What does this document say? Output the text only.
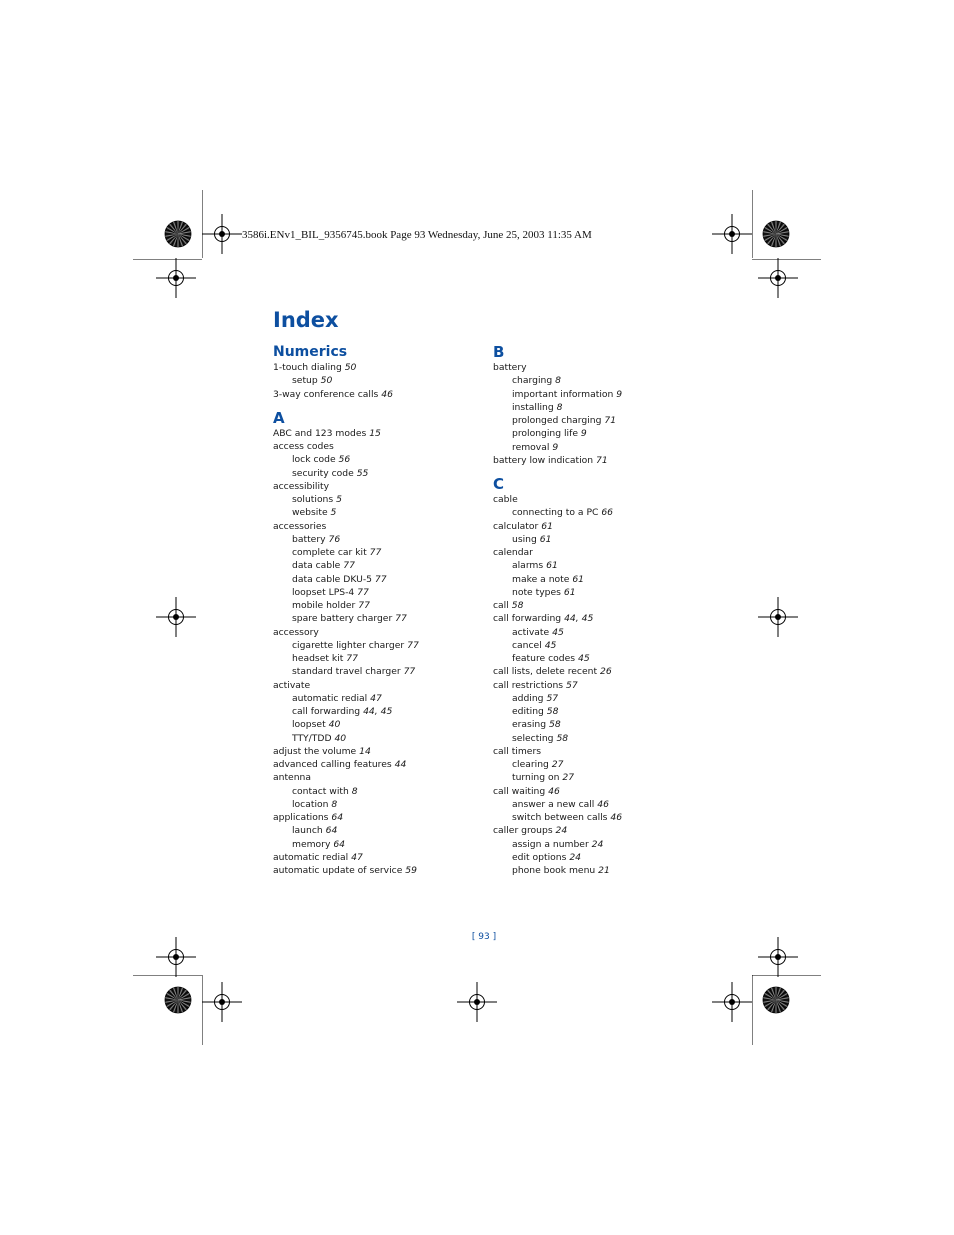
3586i.ENv1_BIL_9356745.book Page 93 Wednesday, June 25, 2003 11:35 AM
Index
Numerics
1-touch dialing 50
setup 50
3-way conference calls 46
A
ABC and 123 modes 15
access codes
lock code 56
security code 55
accessibility
solutions 5
website 5
accessories
battery 76
complete car kit 77
data cable 77
data cable DKU-5 77
loopset LPS-4 77
mobile holder 77
spare battery charger 77
accessory
cigarette lighter charger 77
headset kit 77
standard travel charger 77
activate
automatic redial 47
call forwarding 44, 45
loopset 40
TTY/TDD 40
adjust the volume 14
advanced calling features 44
antenna
contact with 8
location 8
applications 64
launch 64
memory 64
automatic redial 47
automatic update of service 59
B
battery
charging 8
important information 9
installing 8
prolonged charging 71
prolonging life 9
removal 9
battery low indication 71
C
cable
connecting to a PC 66
calculator 61
using 61
calendar
alarms 61
make a note 61
note types 61
call 58
call forwarding 44, 45
activate 45
cancel 45
feature codes 45
call lists, delete recent 26
call restrictions 57
adding 57
editing 58
erasing 58
selecting 58
call timers
clearing 27
turning on 27
call waiting 46
answer a new call 46
switch between calls 46
caller groups 24
assign a number 24
edit options 24
phone book menu 21
[ 93 ]
